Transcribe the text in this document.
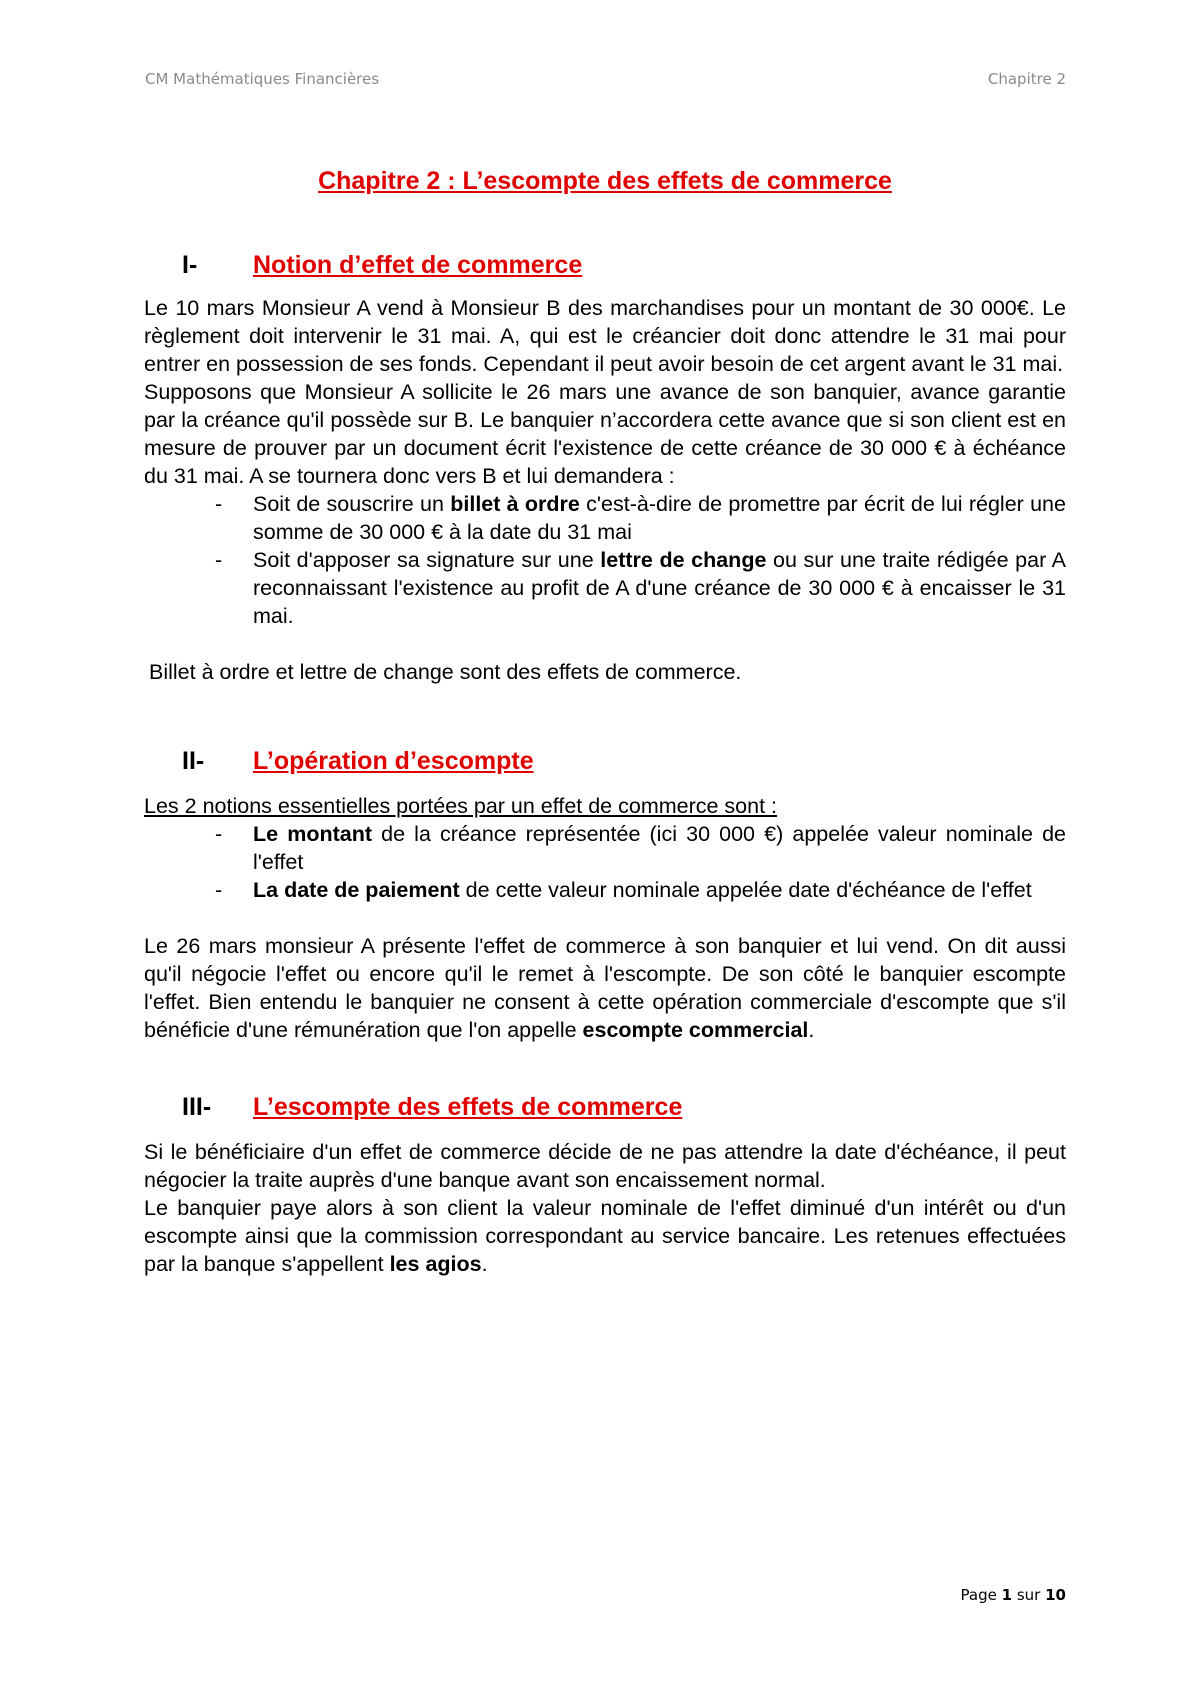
CM Mathématiques Financières	Chapitre 2
Chapitre 2 : L’escompte des effets de commerce
I-	Notion d’effet de commerce

Le 10 mars Monsieur A vend à Monsieur B des marchandises pour un montant de 30 000€. Le règlement doit intervenir le 31 mai. A, qui est le créancier doit donc attendre le 31 mai pour entrer en possession de ses fonds. Cependant il peut avoir besoin de cet argent avant le 31 mai.

Supposons que Monsieur A sollicite le 26 mars une avance de son banquier, avance garantie par la créance qu'il possède sur B. Le banquier n’accordera cette avance que si son client est en mesure de prouver par un document écrit l'existence de cette créance de 30 000 € à échéance du 31 mai. A se tournera donc vers B et lui demandera :

- Soit de souscrire un billet à ordre c'est-à-dire de promettre par écrit de lui régler une somme de 30 000 € à la date du 31 mai
- Soit d'apposer sa signature sur une lettre de change ou sur une traite rédigée par A reconnaissant l'existence au profit de A d'une créance de 30 000 € à encaisser le 31 mai.

Billet à ordre et lettre de change sont des effets de commerce.

II-	L’opération d’escompte

Les 2 notions essentielles portées par un effet de commerce sont :

- Le montant de la créance représentée (ici 30 000 €) appelée valeur nominale de l'effet
- La date de paiement de cette valeur nominale appelée date d'échéance de l'effet

Le 26 mars monsieur A présente l'effet de commerce à son banquier et lui vend. On dit aussi qu'il négocie l'effet ou encore qu'il le remet à l'escompte. De son côté le banquier escompte l'effet. Bien entendu le banquier ne consent à cette opération commerciale d'escompte que s'il bénéficie d'une rémunération que l'on appelle escompte commercial.

III-	L’escompte des effets de commerce

Si le bénéficiaire d'un effet de commerce décide de ne pas attendre la date d'échéance, il peut négocier la traite auprès d'une banque avant son encaissement normal.

Le banquier paye alors à son client la valeur nominale de l'effet diminué d'un intérêt ou d'un escompte ainsi que la commission correspondant au service bancaire. Les retenues effectuées par la banque s'appellent les agios.

Page 1 sur 10
